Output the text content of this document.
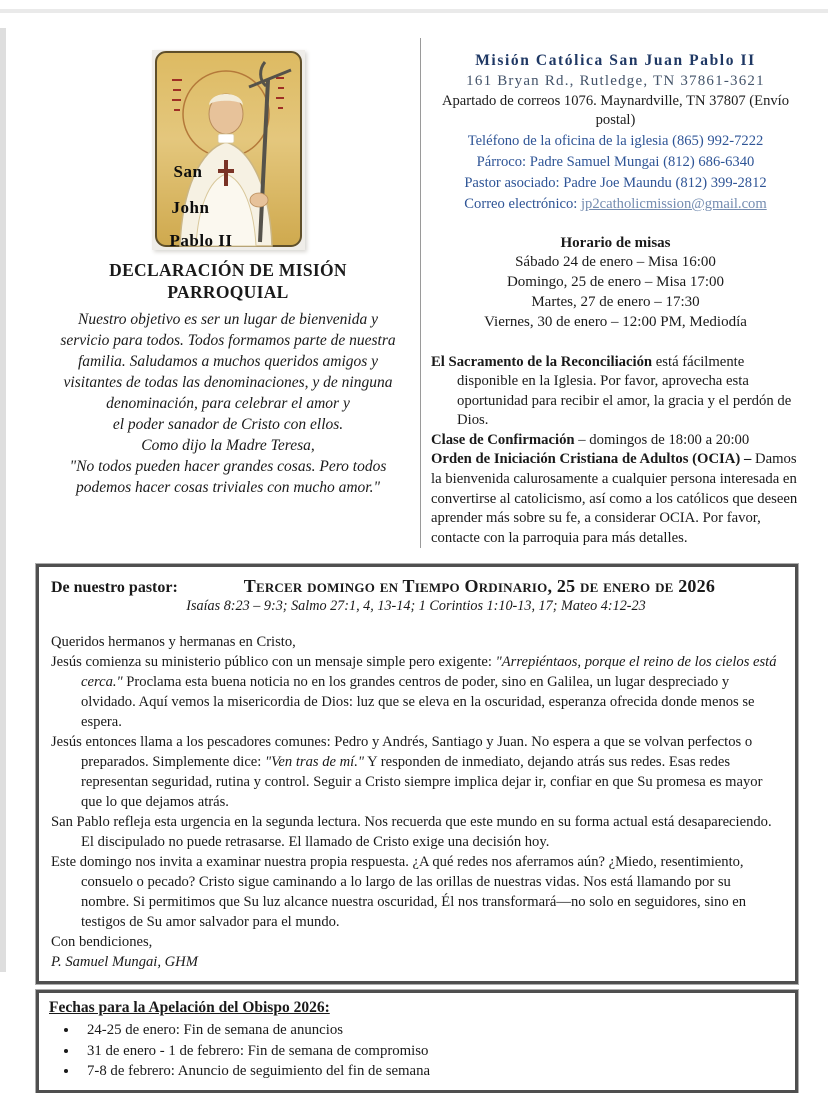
San
John
Pablo II
DECLARACIÓN DE MISIÓN
PARROQUIAL
Nuestro objetivo es ser un lugar de bienvenida y
servicio para todos. Todos formamos parte de nuestra
familia. Saludamos a muchos queridos amigos y
visitantes de todas las denominaciones, y de ninguna
denominación, para celebrar el amor y
el poder sanador de Cristo con ellos.
Como dijo la Madre Teresa,
"No todos pueden hacer grandes cosas. Pero todos
podemos hacer cosas triviales con mucho amor."
Misión Católica San Juan Pablo II
161 Bryan Rd., Rutledge, TN 37861-3621
Apartado de correos 1076. Maynardville, TN 37807 (Envío postal)
Teléfono de la oficina de la iglesia (865) 992-7222
Párroco: Padre Samuel Mungai (812) 686-6340
Pastor asociado: Padre Joe Maundu (812) 399-2812
Correo electrónico: jp2catholicmission@gmail.com
Horario de misas
Sábado 24 de enero – Misa 16:00
Domingo, 25 de enero – Misa 17:00
Martes, 27 de enero – 17:30
Viernes, 30 de enero – 12:00 PM, Mediodía
El Sacramento de la Reconciliación está fácilmente disponible en la Iglesia. Por favor, aprovecha esta oportunidad para recibir el amor, la gracia y el perdón de Dios.
Clase de Confirmación – domingos de 18:00 a 20:00
Orden de Iniciación Cristiana de Adultos (OCIA) – Damos la bienvenida calurosamente a cualquier persona interesada en convertirse al catolicismo, así como a los católicos que deseen aprender más sobre su fe, a considerar OCIA. Por favor, contacte con la parroquia para más detalles.
De nuestro pastor:	Tercer domingo en Tiempo Ordinario, 25 de enero de 2026
Isaías 8:23 – 9:3; Salmo 27:1, 4, 13-14; 1 Corintios 1:10-13, 17; Mateo 4:12-23

Queridos hermanos y hermanas en Cristo,

Jesús comienza su ministerio público con un mensaje simple pero exigente: "Arrepiéntaos, porque el reino de los cielos está cerca." Proclama esta buena noticia no en los grandes centros de poder, sino en Galilea, un lugar despreciado y olvidado. Aquí vemos la misericordia de Dios: luz que se eleva en la oscuridad, esperanza ofrecida donde menos se espera.

Jesús entonces llama a los pescadores comunes: Pedro y Andrés, Santiago y Juan. No espera a que se volvan perfectos o preparados. Simplemente dice: "Ven tras de mí." Y responden de inmediato, dejando atrás sus redes. Esas redes representan seguridad, rutina y control. Seguir a Cristo siempre implica dejar ir, confiar en que Su promesa es mayor que lo que dejamos atrás.

San Pablo refleja esta urgencia en la segunda lectura. Nos recuerda que este mundo en su forma actual está desapareciendo. El discipulado no puede retrasarse. El llamado de Cristo exige una decisión hoy.

Este domingo nos invita a examinar nuestra propia respuesta. ¿A qué redes nos aferramos aún? ¿Miedo, resentimiento, consuelo o pecado? Cristo sigue caminando a lo largo de las orillas de nuestras vidas. Nos está llamando por su nombre. Si permitimos que Su luz alcance nuestra oscuridad, Él nos transformará—no solo en seguidores, sino en testigos de Su amor salvador para el mundo.

Con bendiciones,

P. Samuel Mungai, GHM

Fechas para la Apelación del Obispo 2026:
• 24-25 de enero: Fin de semana de anuncios
• 31 de enero - 1 de febrero: Fin de semana de compromiso
• 7-8 de febrero: Anuncio de seguimiento del fin de semana
